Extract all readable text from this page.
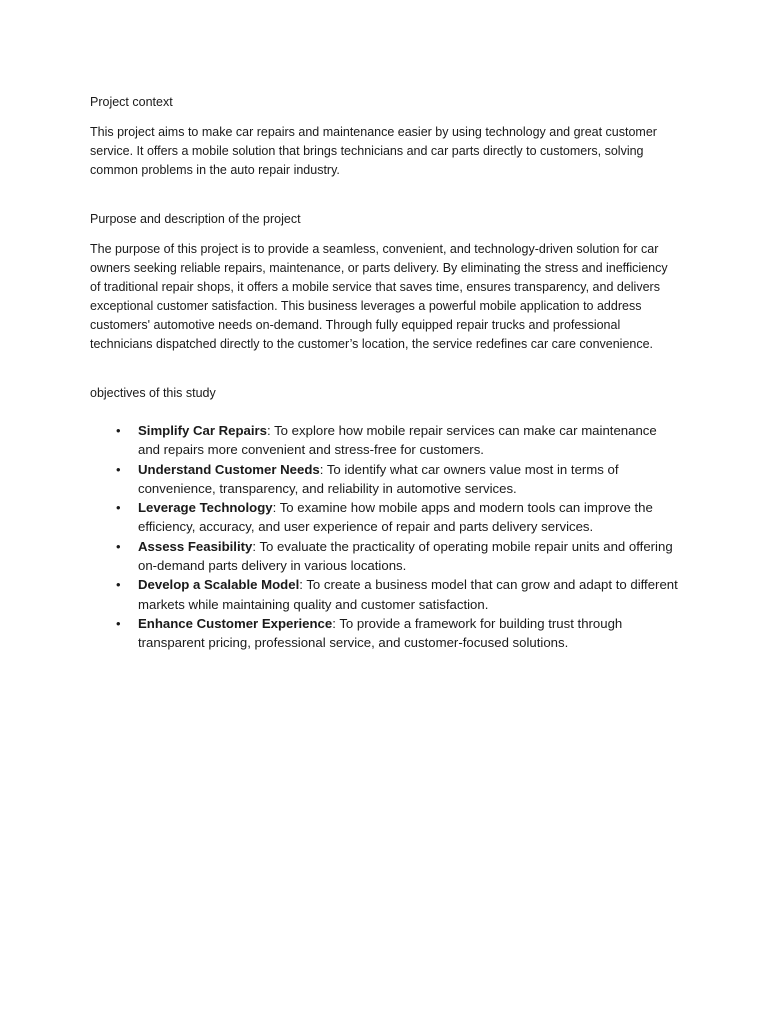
Project context

This project aims to make car repairs and maintenance easier by using technology and great customer service. It offers a mobile solution that brings technicians and car parts directly to customers, solving common problems in the auto repair industry.

Purpose and description of the project

The purpose of this project is to provide a seamless, convenient, and technology-driven solution for car owners seeking reliable repairs, maintenance, or parts delivery. By eliminating the stress and inefficiency of traditional repair shops, it offers a mobile service that saves time, ensures transparency, and delivers exceptional customer satisfaction. This business leverages a powerful mobile application to address customers' automotive needs on-demand. Through fully equipped repair trucks and professional technicians dispatched directly to the customer’s location, the service redefines car care convenience.

objectives of this study

• Simplify Car Repairs: To explore how mobile repair services can make car maintenance and repairs more convenient and stress-free for customers.
• Understand Customer Needs: To identify what car owners value most in terms of convenience, transparency, and reliability in automotive services.
• Leverage Technology: To examine how mobile apps and modern tools can improve the efficiency, accuracy, and user experience of repair and parts delivery services.
• Assess Feasibility: To evaluate the practicality of operating mobile repair units and offering on-demand parts delivery in various locations.
• Develop a Scalable Model: To create a business model that can grow and adapt to different markets while maintaining quality and customer satisfaction.
• Enhance Customer Experience: To provide a framework for building trust through transparent pricing, professional service, and customer-focused solutions.
